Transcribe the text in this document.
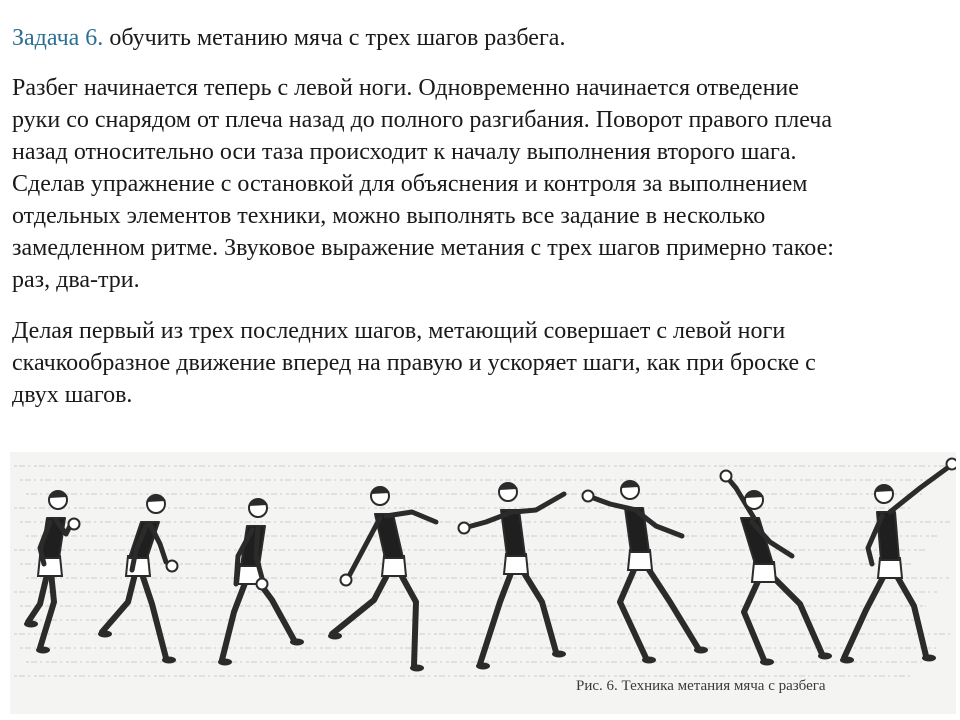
Задача 6. обучить метанию мяча с трех шагов разбега.

Разбег начинается теперь с левой ноги. Одновременно начинается отведение
руки со снарядом от плеча назад до полного разгибания. Поворот правого плеча
назад относительно оси таза происходит к началу выполнения второго шага.
Сделав упражнение с остановкой для объяснения и контроля за выполнением
отдельных элементов техники, можно выполнять все задание в несколько
замедленном ритме. Звуковое выражение метания с трех шагов примерно такое:
раз, два-три.

Делая первый из трех последних шагов, метающий совершает с левой ноги
скачкообразное движение вперед на правую и ускоряет шаги, как при броске с
двух шагов.

Рис. 6. Техника метания мяча с разбега
